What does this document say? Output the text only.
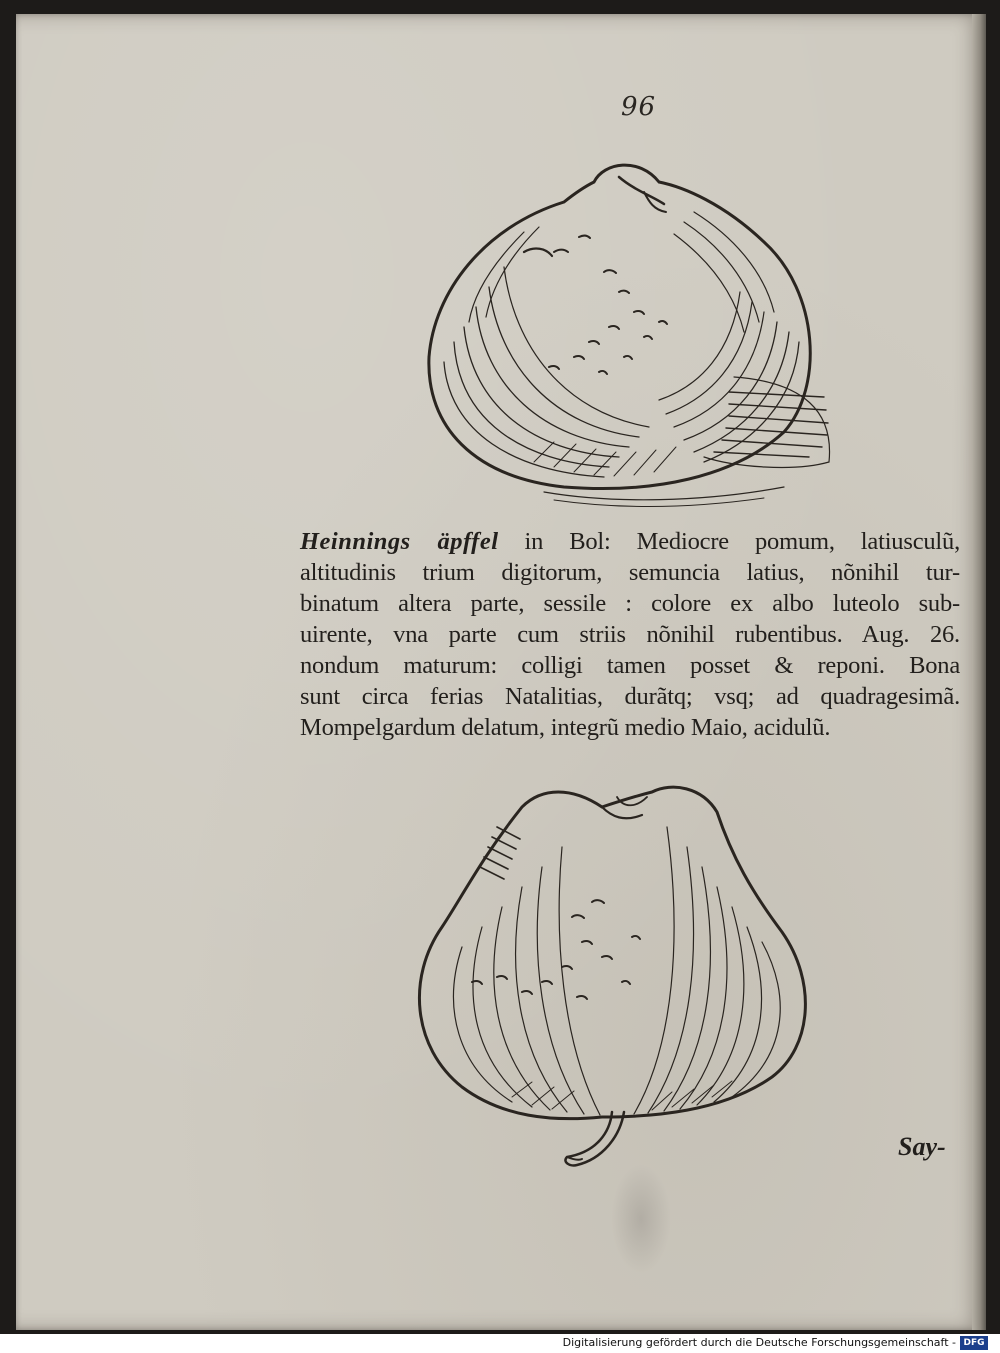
96
Heinnings äpffel in Bol: Mediocre pomum, latiusculũ,
altitudinis trium digitorum, semuncia latius, nõnihil tur-
binatum altera parte, sessile : colore ex albo luteolo sub-
uirente, vna parte cum striis nõnihil rubentibus. Aug. 26.
nondum maturum: colligi tamen posset & reponi. Bona
sunt circa ferias Natalitias, durãtq; vsq; ad quadragesimã.
Mompelgardum delatum, integrũ medio Maio, acidulũ.
Say-
Digitalisierung gefördert durch die Deutsche Forschungsgemeinschaft - DFG
